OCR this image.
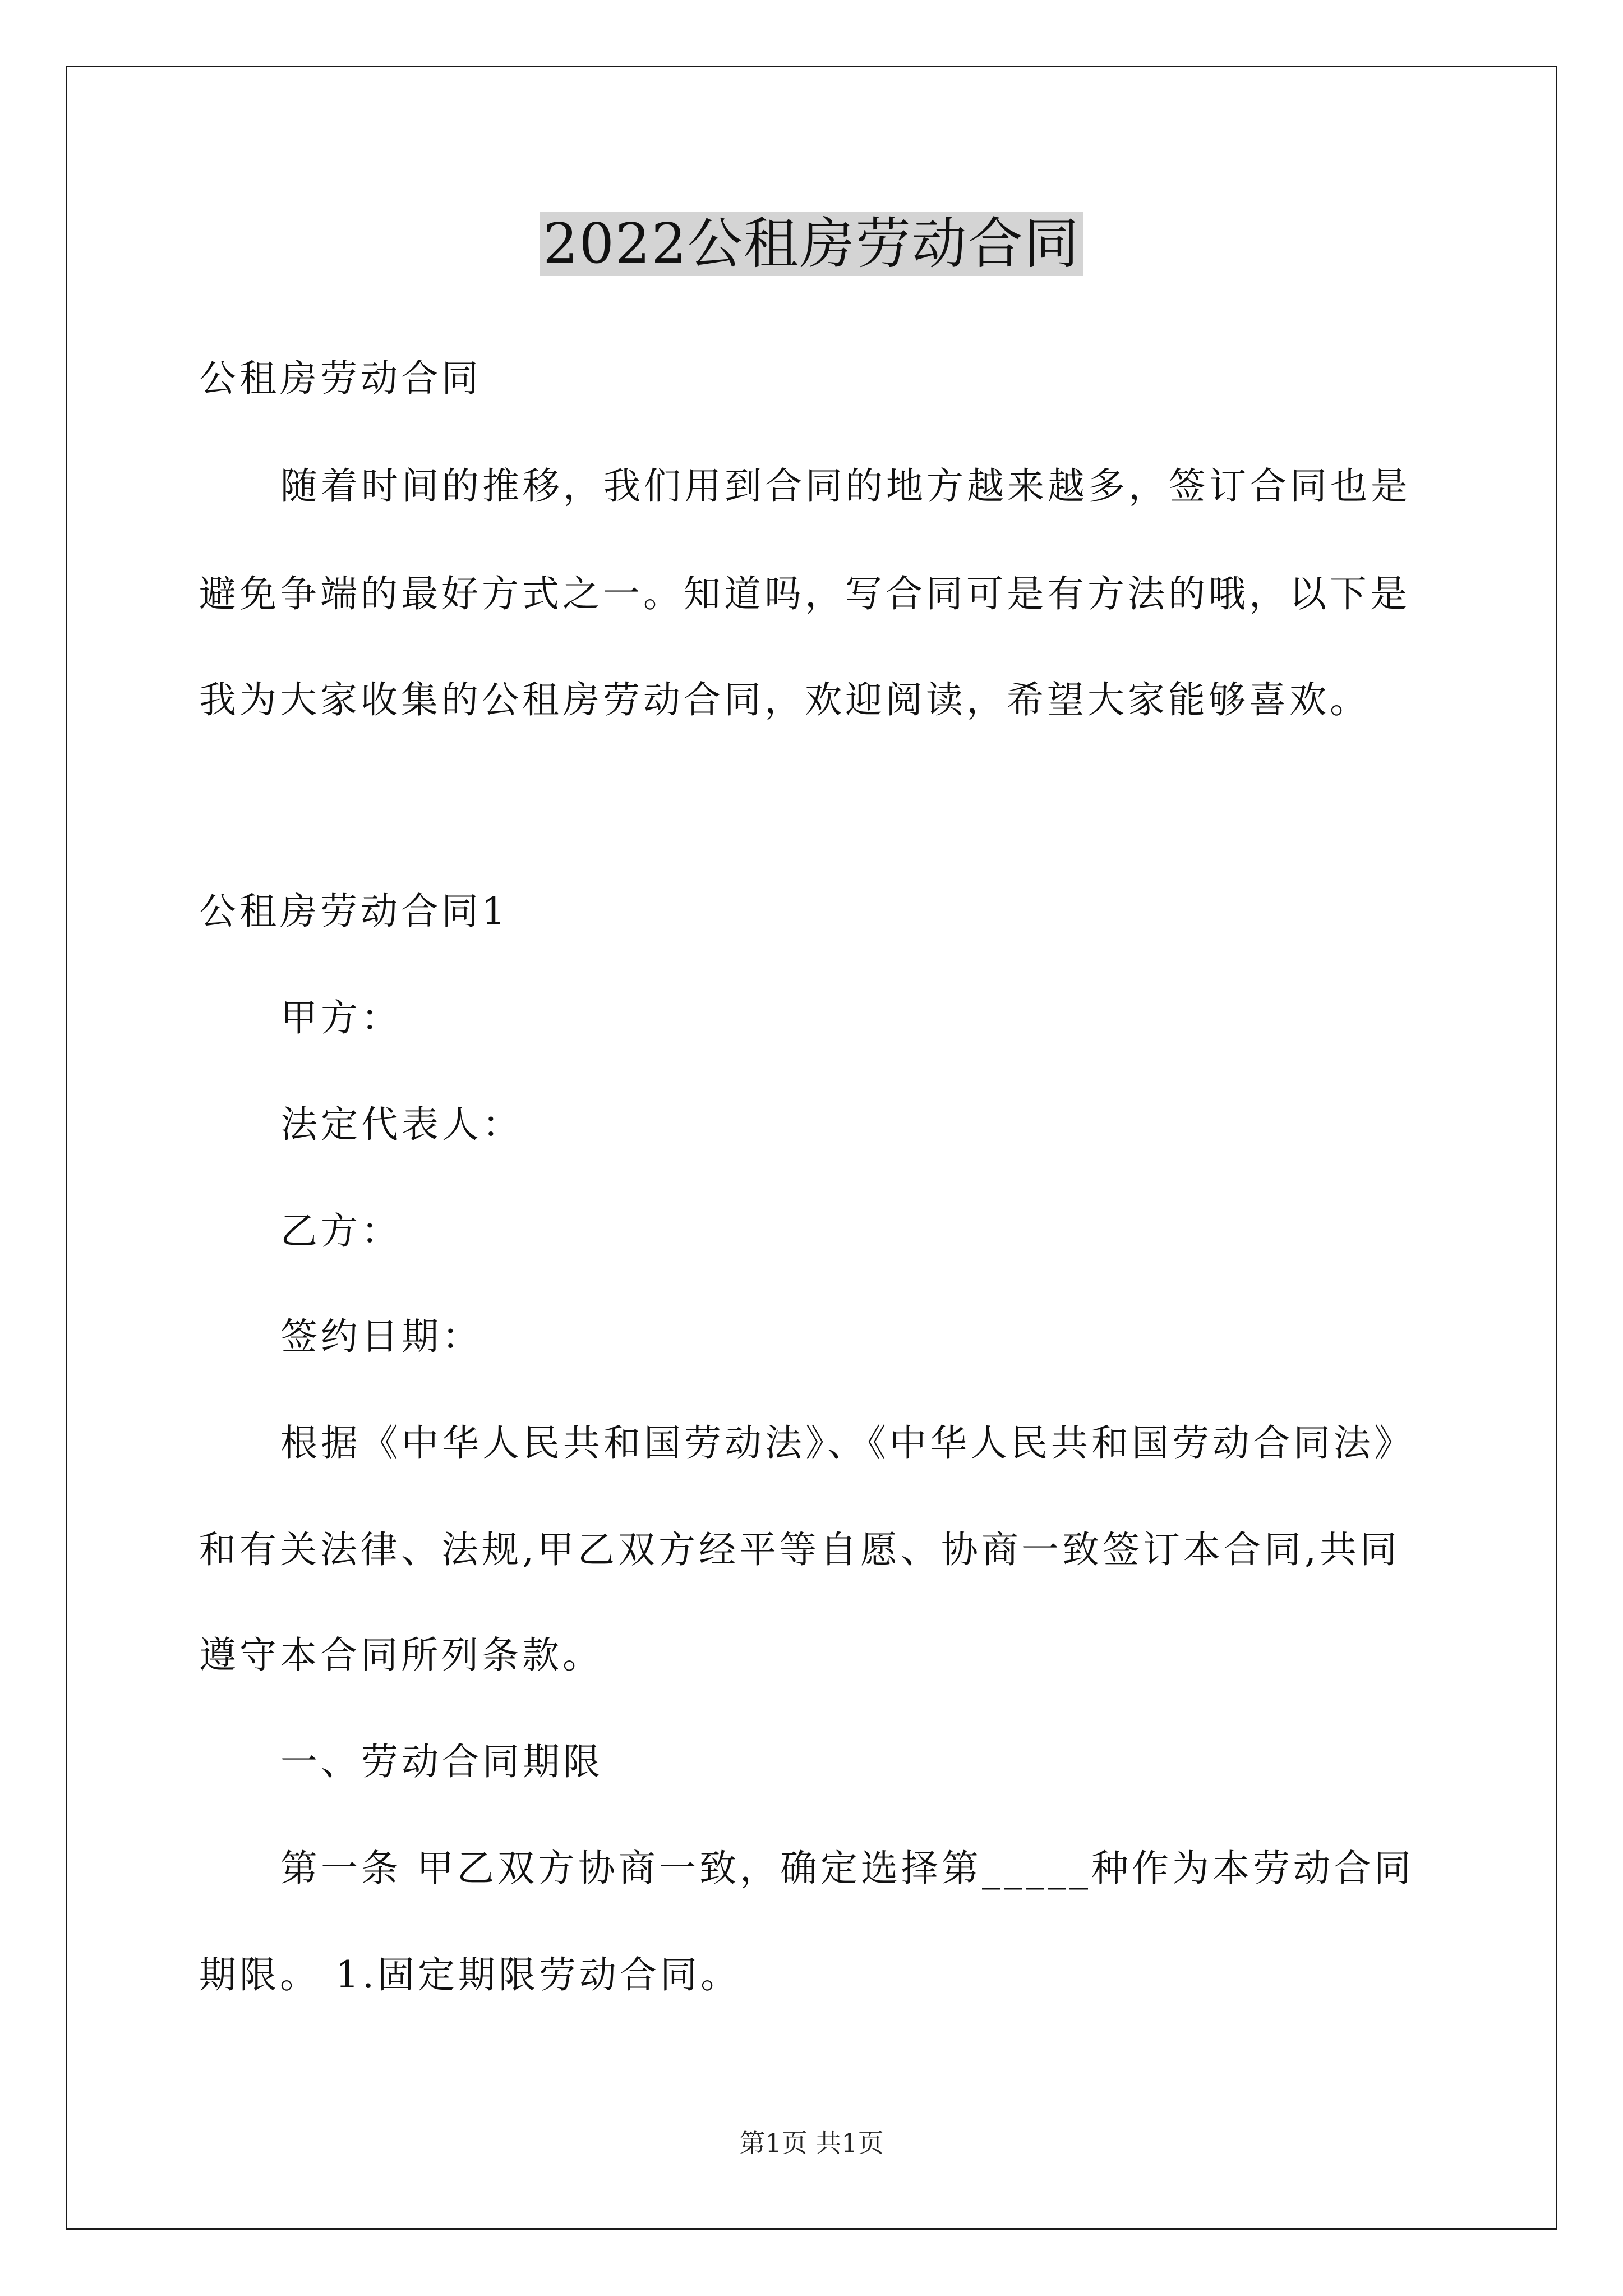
2022公租房劳动合同
公租房劳动合同
随着时间的推移，我们用到合同的地方越来越多，签订合同也是
避免争端的最好方式之一。知道吗，写合同可是有方法的哦，以下是
我为大家收集的公租房劳动合同，欢迎阅读，希望大家能够喜欢。
公租房劳动合同1
甲方：
法定代表人：
乙方：
签约日期：
根据《中华人民共和国劳动法》、《中华人民共和国劳动合同法》
和有关法律、法规,甲乙双方经平等自愿、协商一致签订本合同,共同
遵守本合同所列条款。
一、劳动合同期限
第一条 甲乙双方协商一致，确定选择第_____种作为本劳动合同
期限。 1.固定期限劳动合同。
第1页 共1页
